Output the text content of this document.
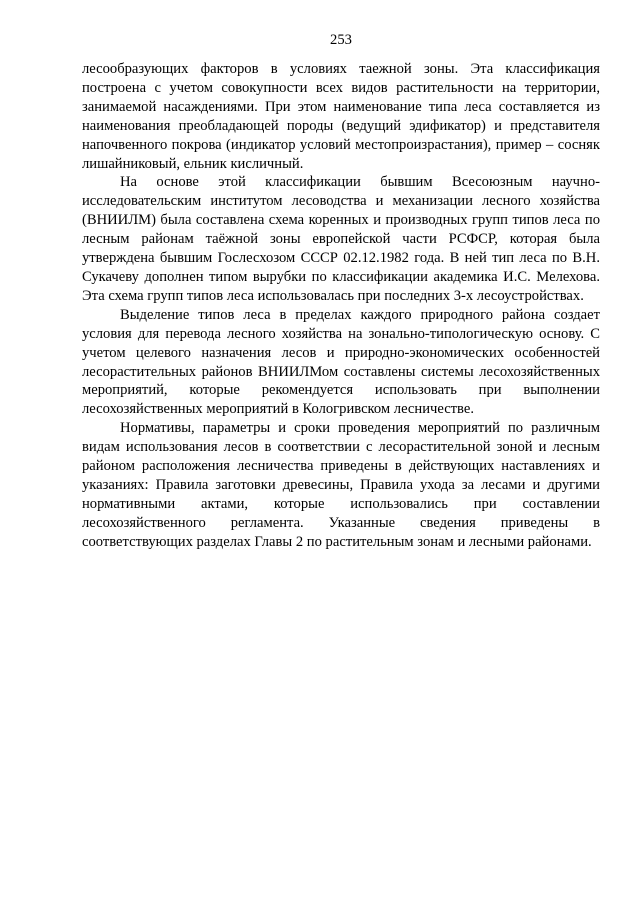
253

лесообразующих факторов в условиях таежной зоны. Эта классификация построена с учетом совокупности всех видов растительности на территории, занимаемой насаждениями. При этом наименование типа леса составляется из наименования преобладающей породы (ведущий эдификатор) и представителя напочвенного покрова (индикатор условий местопроизрастания), пример – сосняк лишайниковый, ельник кисличный.

На основе этой классификации бывшим Всесоюзным научно-исследовательским институтом лесоводства и механизации лесного хозяйства (ВНИИЛМ) была составлена схема коренных и производных групп типов леса по лесным районам таёжной зоны европейской части РСФСР, которая была утверждена бывшим Гослесхозом СССР 02.12.1982 года. В ней тип леса по В.Н. Сукачеву дополнен типом вырубки по классификации академика И.С. Мелехова. Эта схема групп типов леса использовалась при последних 3-х лесоустройствах.

Выделение типов леса в пределах каждого природного района создает условия для перевода лесного хозяйства на зонально-типологическую основу. С учетом целевого назначения лесов и природно-экономических особенностей лесорастительных районов ВНИИЛМом составлены системы лесохозяйственных мероприятий, которые рекомендуется использовать при выполнении лесохозяйственных мероприятий в Кологривском лесничестве.

Нормативы, параметры и сроки проведения мероприятий по различным видам использования лесов в соответствии с лесорастительной зоной и лесным районом расположения лесничества приведены в действующих наставлениях и указаниях: Правила заготовки древесины, Правила ухода за лесами и другими нормативными актами, которые использовались при составлении лесохозяйственного регламента. Указанные сведения приведены в соответствующих разделах Главы 2 по растительным зонам и лесными районами.
